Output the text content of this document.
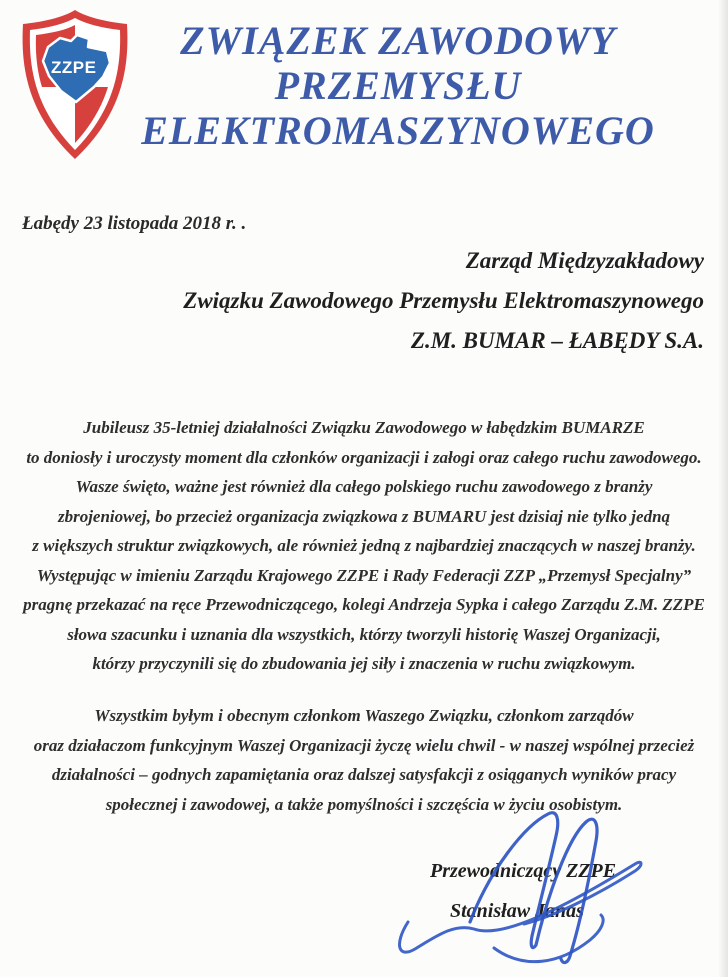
ZZPE
ZWIĄZEK ZAWODOWY
PRZEMYSŁU
ELEKTROMASZYNOWEGO
Łabędy 23 listopada 2018 r. .
Zarząd Międzyzakładowy
Związku Zawodowego Przemysłu Elektromaszynowego
Z.M. BUMAR – ŁABĘDY S.A.
Jubileusz 35-letniej działalności Związku Zawodowego w łabędzkim BUMARZE
to doniosły i uroczysty moment dla członków organizacji i załogi oraz całego ruchu zawodowego.
Wasze święto, ważne jest również dla całego polskiego ruchu zawodowego z branży
zbrojeniowej, bo przecież organizacja związkowa z BUMARU jest dzisiaj nie tylko jedną
z większych struktur związkowych, ale również jedną z najbardziej znaczących w naszej branży.
Występując w imieniu Zarządu Krajowego ZZPE i Rady Federacji ZZP „Przemysł Specjalny”
pragnę przekazać na ręce Przewodniczącego, kolegi Andrzeja Sypka i całego Zarządu Z.M. ZZPE
słowa szacunku i uznania dla wszystkich, którzy tworzyli historię Waszej Organizacji,
którzy przyczynili się do zbudowania jej siły i znaczenia w ruchu związkowym.
Wszystkim byłym i obecnym członkom Waszego Związku, członkom zarządów
oraz działaczom funkcyjnym Waszej Organizacji życzę wielu chwil - w naszej wspólnej przecież
działalności – godnych zapamiętania oraz dalszej satysfakcji z osiąganych wyników pracy
społecznej i zawodowej, a także pomyślności i szczęścia w życiu osobistym.
Przewodniczący ZZPE
Stanisław Janas
